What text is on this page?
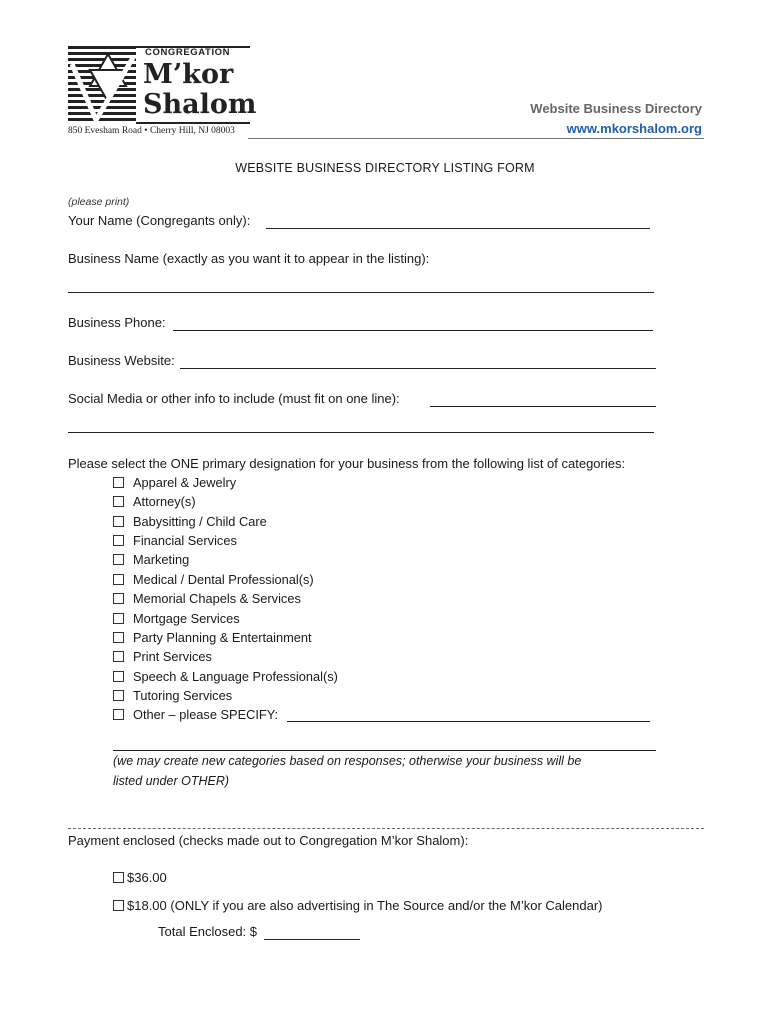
CONGREGATION
M’kor
Shalom
850 Evesham Road • Cherry Hill, NJ 08003
Website Business Directory
www.mkorshalom.org
WEBSITE BUSINESS DIRECTORY LISTING FORM
(please print)
Your Name (Congregants only):
Business Name (exactly as you want it to appear in the listing):
Business Phone:
Business Website:
Social Media or other info to include (must fit on one line):
Please select the ONE primary designation for your business from the following list of categories:
Apparel & Jewelry
Attorney(s)
Babysitting / Child Care
Financial Services
Marketing
Medical / Dental Professional(s)
Memorial Chapels & Services
Mortgage Services
Party Planning & Entertainment
Print Services
Speech & Language Professional(s)
Tutoring Services
Other – please SPECIFY:
(we may create new categories based on responses; otherwise your business will be
listed under OTHER)
Payment enclosed (checks made out to Congregation M’kor Shalom):
$36.00
$18.00 (ONLY if you are also advertising in The Source and/or the M’kor Calendar)
Total Enclosed: $
